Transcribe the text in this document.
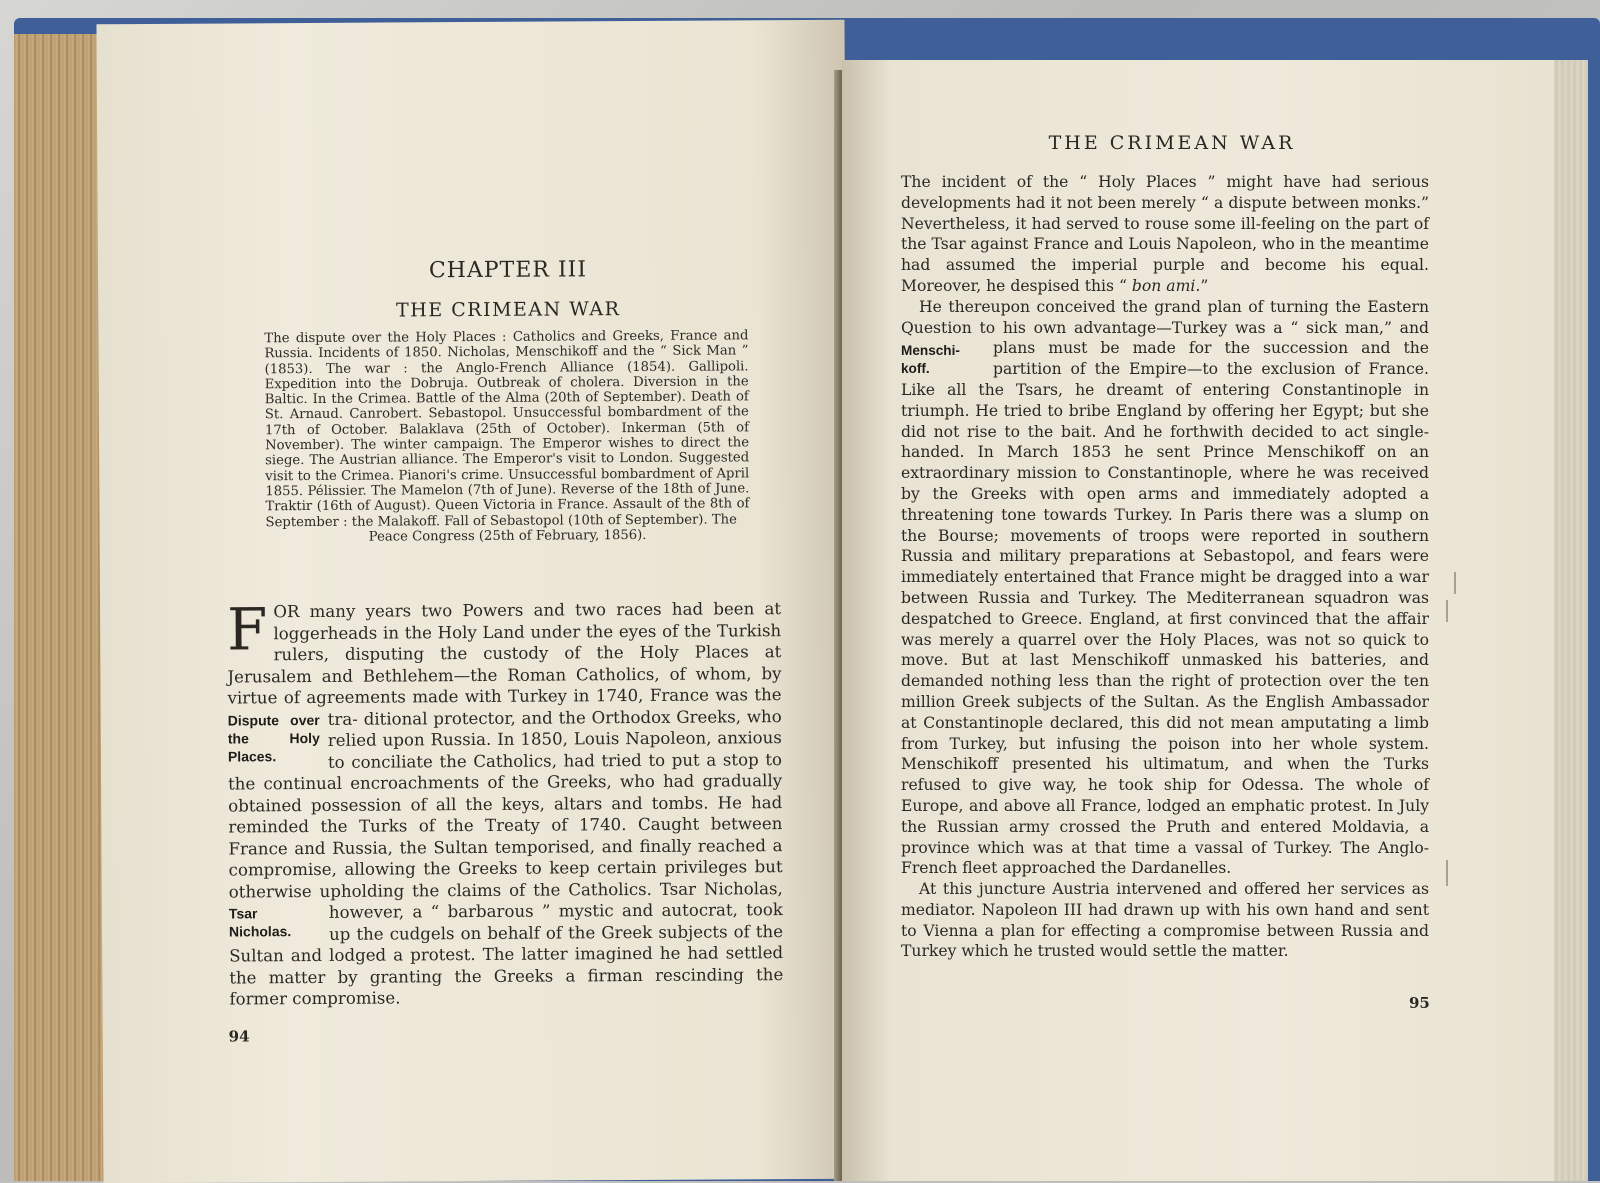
CHAPTER III
THE CRIMEAN WAR
The dispute over the Holy Places : Catholics and Greeks, France and Russia. Incidents of 1850. Nicholas, Menschikoff and the “ Sick Man ” (1853). The war : the Anglo-French Alliance (1854). Gallipoli. Expedition into the Dobruja. Outbreak of cholera. Diversion in the Baltic. In the Crimea. Battle of the Alma (20th of September). Death of St. Arnaud. Canrobert. Sebastopol. Unsuccessful bombardment of the 17th of October. Balaklava (25th of October). Inkerman (5th of November). The winter campaign. The Emperor wishes to direct the siege. The Austrian alliance. The Emperor's visit to London. Suggested visit to the Crimea. Pianori's crime. Unsuccessful bombardment of April 1855. Pélissier. The Mamelon (7th of June). Reverse of the 18th of June. Traktir (16th of August). Queen Victoria in France. Assault of the 8th of September : the Malakoff. Fall of Sebastopol (10th of September). The
Peace Congress (25th of February, 1856).
FOR many years two Powers and two races had been at loggerheads in the Holy Land under the eyes of the Turkish rulers, disputing the custody of the Holy Places at Jerusalem and Bethlehem—the Roman Catholics, of whom, by virtue of agreements made with Turkey in 1740, France was the tra-
Dispute over the Holy Places.
ditional protector, and the Orthodox Greeks, who relied upon Russia. In 1850, Louis Napoleon, anxious to conciliate the Catholics, had tried to put a stop to the continual encroachments of the Greeks, who had gradually obtained possession of all the keys, altars and tombs. He had reminded the Turks of the Treaty of 1740. Caught between France and Russia, the Sultan temporised, and finally reached a compromise, allowing the Greeks to keep certain privileges but otherwise upholding the claims of the Catholics. Tsar Nicholas, however, a “ barbarous ” mystic
Tsar Nicholas.
and autocrat, took up the cudgels on behalf of the Greek subjects of the Sultan and lodged a protest. The latter imagined he had settled the matter by granting the Greeks a firman rescinding the former compromise.
94
THE CRIMEAN WAR

The incident of the “ Holy Places ” might have had serious developments had it not been merely “ a dispute between monks.” Nevertheless, it had served to rouse some ill-feeling on the part of the Tsar against France and Louis Napoleon, who in the meantime had assumed the imperial purple and become his equal. Moreover, he despised this “ bon ami.”

He thereupon conceived the grand plan of turning the Eastern Question to his own advantage—Turkey was a “ sick man,”
Menschi-koff.
and plans must be made for the succession and the partition of the Empire—to the exclusion of France. Like all the Tsars, he dreamt of entering Constantinople in triumph. He tried to bribe England by offering her Egypt; but she did not rise to the bait. And he forthwith decided to act single-handed. In March 1853 he sent Prince Menschikoff on an extraordinary mission to Constantinople, where he was received by the Greeks with open arms and immediately adopted a threatening tone towards Turkey. In Paris there was a slump on the Bourse; movements of troops were reported in southern Russia and military preparations at Sebastopol, and fears were immediately entertained that France might be dragged into a war between Russia and Turkey. The Mediterranean squadron was despatched to Greece. England, at first convinced that the affair was merely a quarrel over the Holy Places, was not so quick to move. But at last Menschikoff unmasked his batteries, and demanded nothing less than the right of protection over the ten million Greek subjects of the Sultan. As the English Ambassador at Constantinople declared, this did not mean amputating a limb from Turkey, but infusing the poison into her whole system. Menschikoff presented his ultimatum, and when the Turks refused to give way, he took ship for Odessa. The whole of Europe, and above all France, lodged an emphatic protest. In July the Russian army crossed the Pruth and entered Moldavia, a province which was at that time a vassal of Turkey. The Anglo-French fleet approached the Dardanelles.

At this juncture Austria intervened and offered her services as mediator. Napoleon III had drawn up with his own hand and sent to Vienna a plan for effecting a compromise between Russia and Turkey which he trusted would settle the matter.

95
